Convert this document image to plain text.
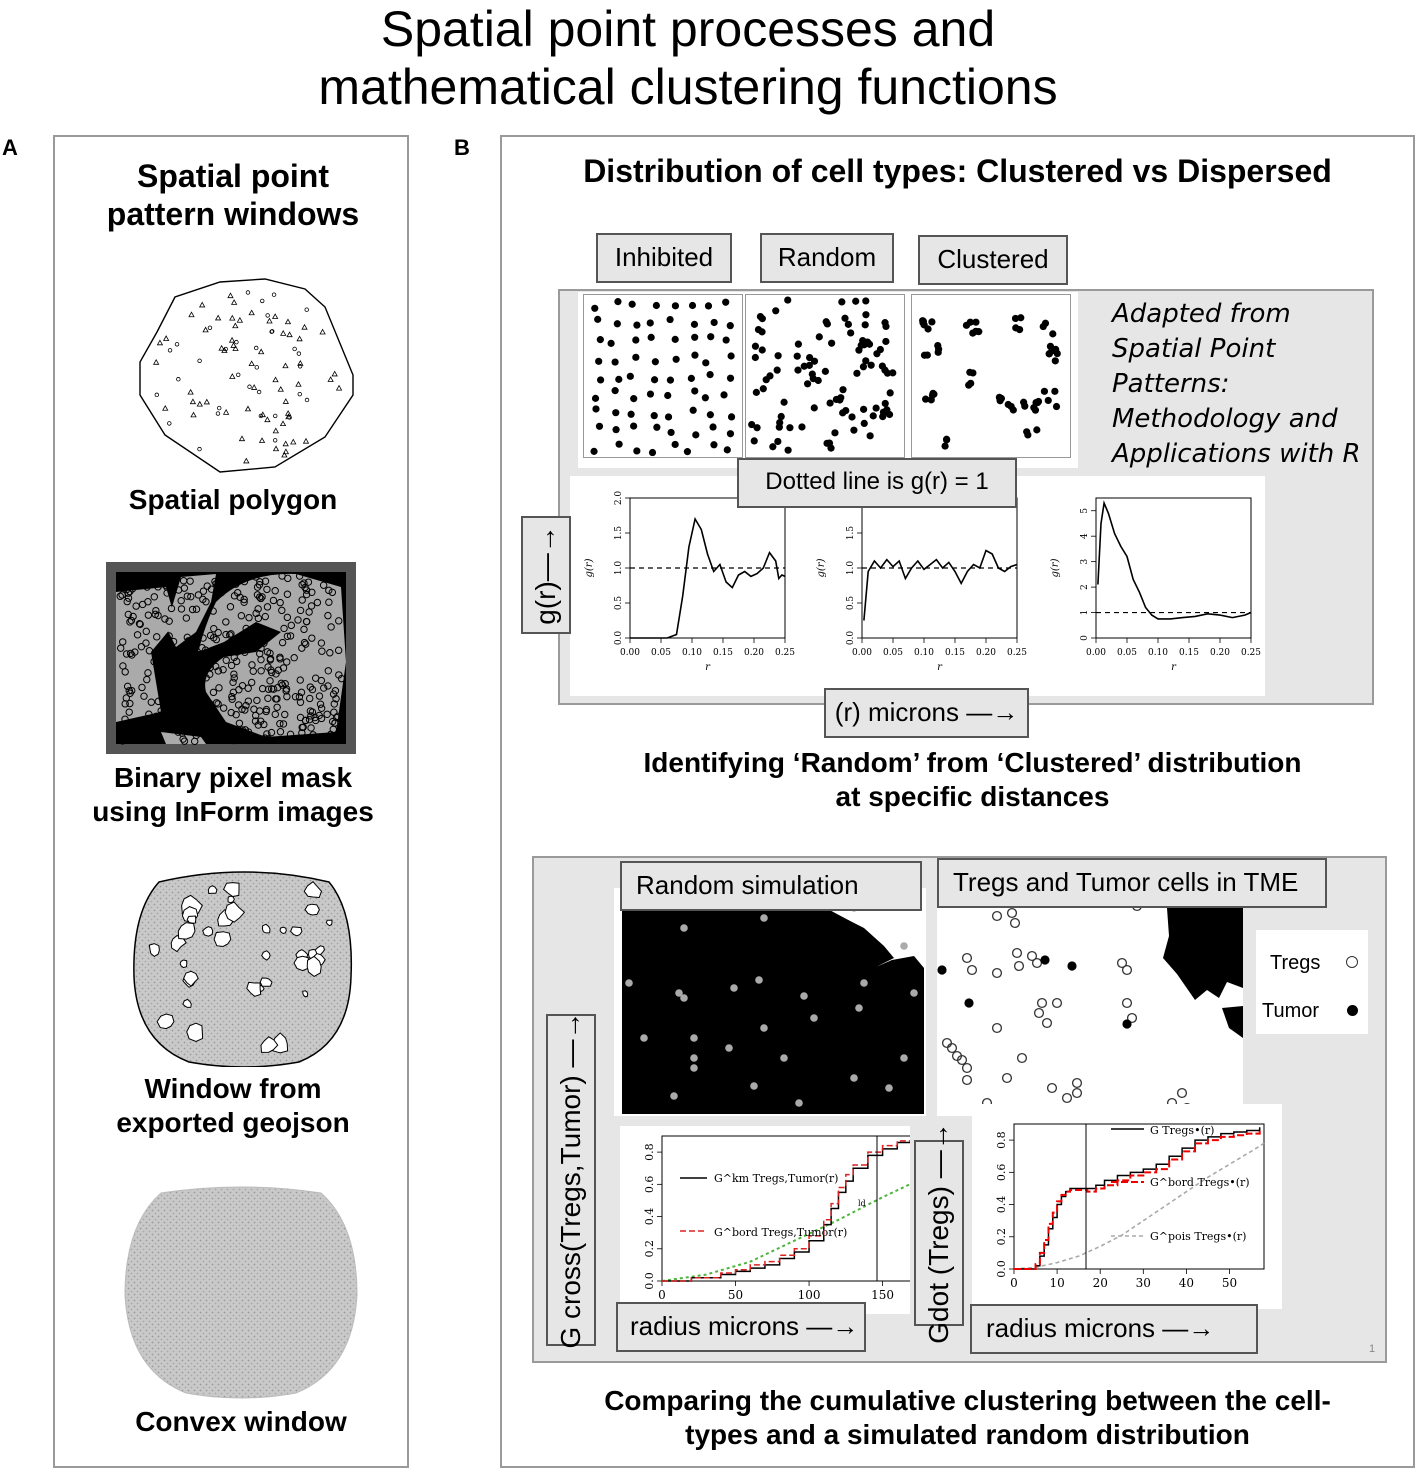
Spatial point processes and
mathematical clustering functions
A
Spatial point
pattern windows
Spatial polygon
Binary pixel mask
using InForm images
Window from
exported geojson
Convex window
B
Distribution of cell types: Clustered vs Dispersed
Inhibited	Random	Clustered
Adapted from
Spatial Point
Patterns:
Methodology and
Applications with R
0.0
0.5
1.0
1.5
2.0
0.00 0.05 0.10 0.15 0.20 0.25
g(r)
r
0.0
0.5
1.0
1.5
0.00 0.05 0.10 0.15 0.20 0.25
g(r)
r
0
1
2
3
4
5
0.00 0.05 0.10 0.15 0.20 0.25
g(r)
r
Dotted line is g(r) = 1
g(r)—→
(r) microns —→
Identifying ‘Random’ from ‘Clustered’ distribution
at specific distances
1
Random simulation	Tregs and Tumor cells in TME
Tregs
Tumor
0.0
0.2
0.4
0.6
0.8
0	50	100	150
G^km Tregs,Tumor(r)
G^bord Tregs,Tumor(r)
ld
0.0
0.2
0.4
0.6
0.8
0	10 20 30 40 50
G Tregs•(r)
G^bord Tregs•(r)
G^pois Tregs•(r)
G cross(Tregs,Tumor) —→	Gdot (Tregs) —→
radius microns —→	radius microns —→
Comparing the cumulative clustering between the cell-
types and a simulated random distribution
